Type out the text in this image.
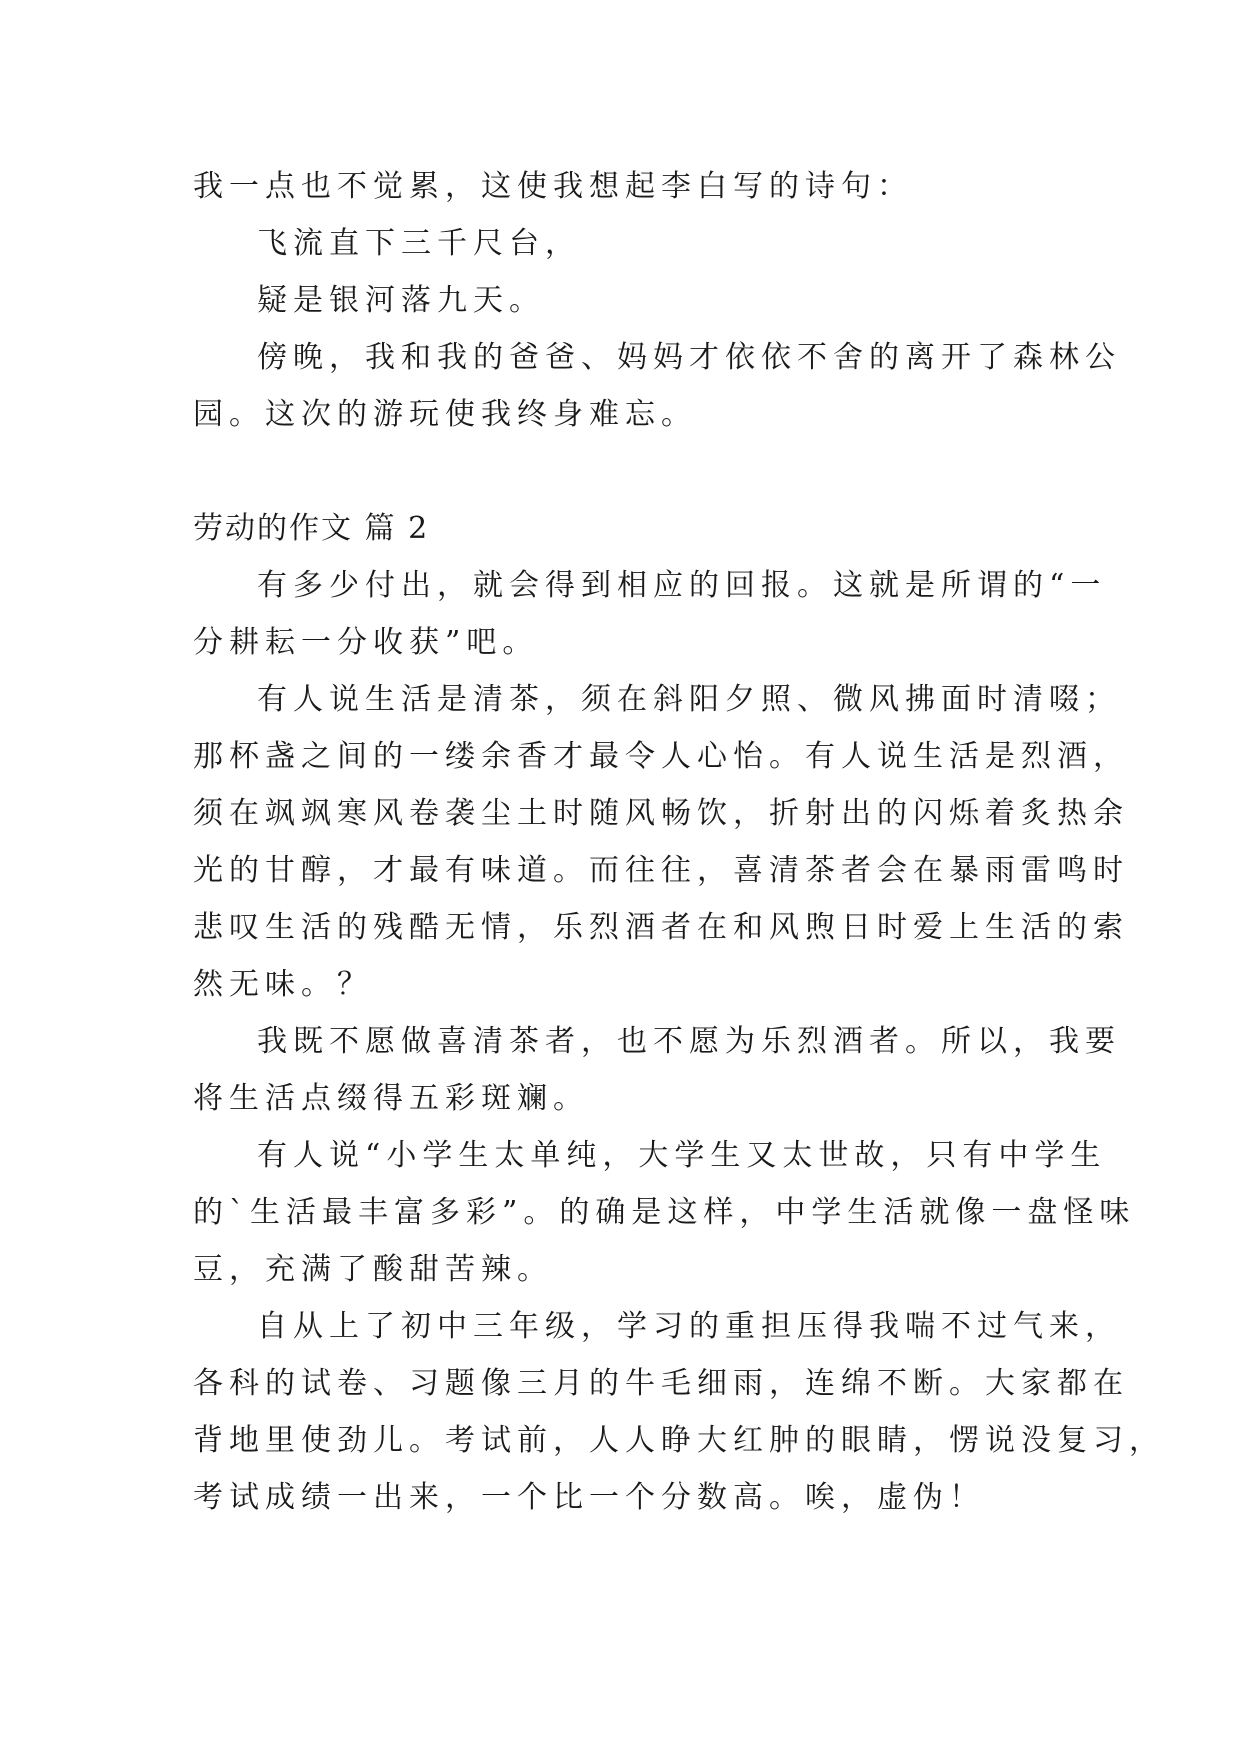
我一点也不觉累，这使我想起李白写的诗句：

飞流直下三千尺台，

疑是银河落九天。

傍晚，我和我的爸爸、妈妈才依依不舍的离开了森林公

园。这次的游玩使我终身难忘。

劳动的作文 篇 2

有多少付出，就会得到相应的回报。这就是所谓的“一

分耕耘一分收获”吧。

有人说生活是清茶，须在斜阳夕照、微风拂面时清啜；

那杯盏之间的一缕余香才最令人心怡。有人说生活是烈酒，

须在飒飒寒风卷袭尘土时随风畅饮，折射出的闪烁着炙热余

光的甘醇，才最有味道。而往往，喜清茶者会在暴雨雷鸣时

悲叹生活的残酷无情，乐烈酒者在和风煦日时爱上生活的索

然无味。？

我既不愿做喜清茶者，也不愿为乐烈酒者。所以，我要

将生活点缀得五彩斑斓。

有人说“小学生太单纯，大学生又太世故，只有中学生

的`生活最丰富多彩”。的确是这样，中学生活就像一盘怪味

豆，充满了酸甜苦辣。

自从上了初中三年级，学习的重担压得我喘不过气来，

各科的试卷、习题像三月的牛毛细雨，连绵不断。大家都在

背地里使劲儿。考试前，人人睁大红肿的眼睛，愣说没复习，

考试成绩一出来，一个比一个分数高。唉，虚伪！
